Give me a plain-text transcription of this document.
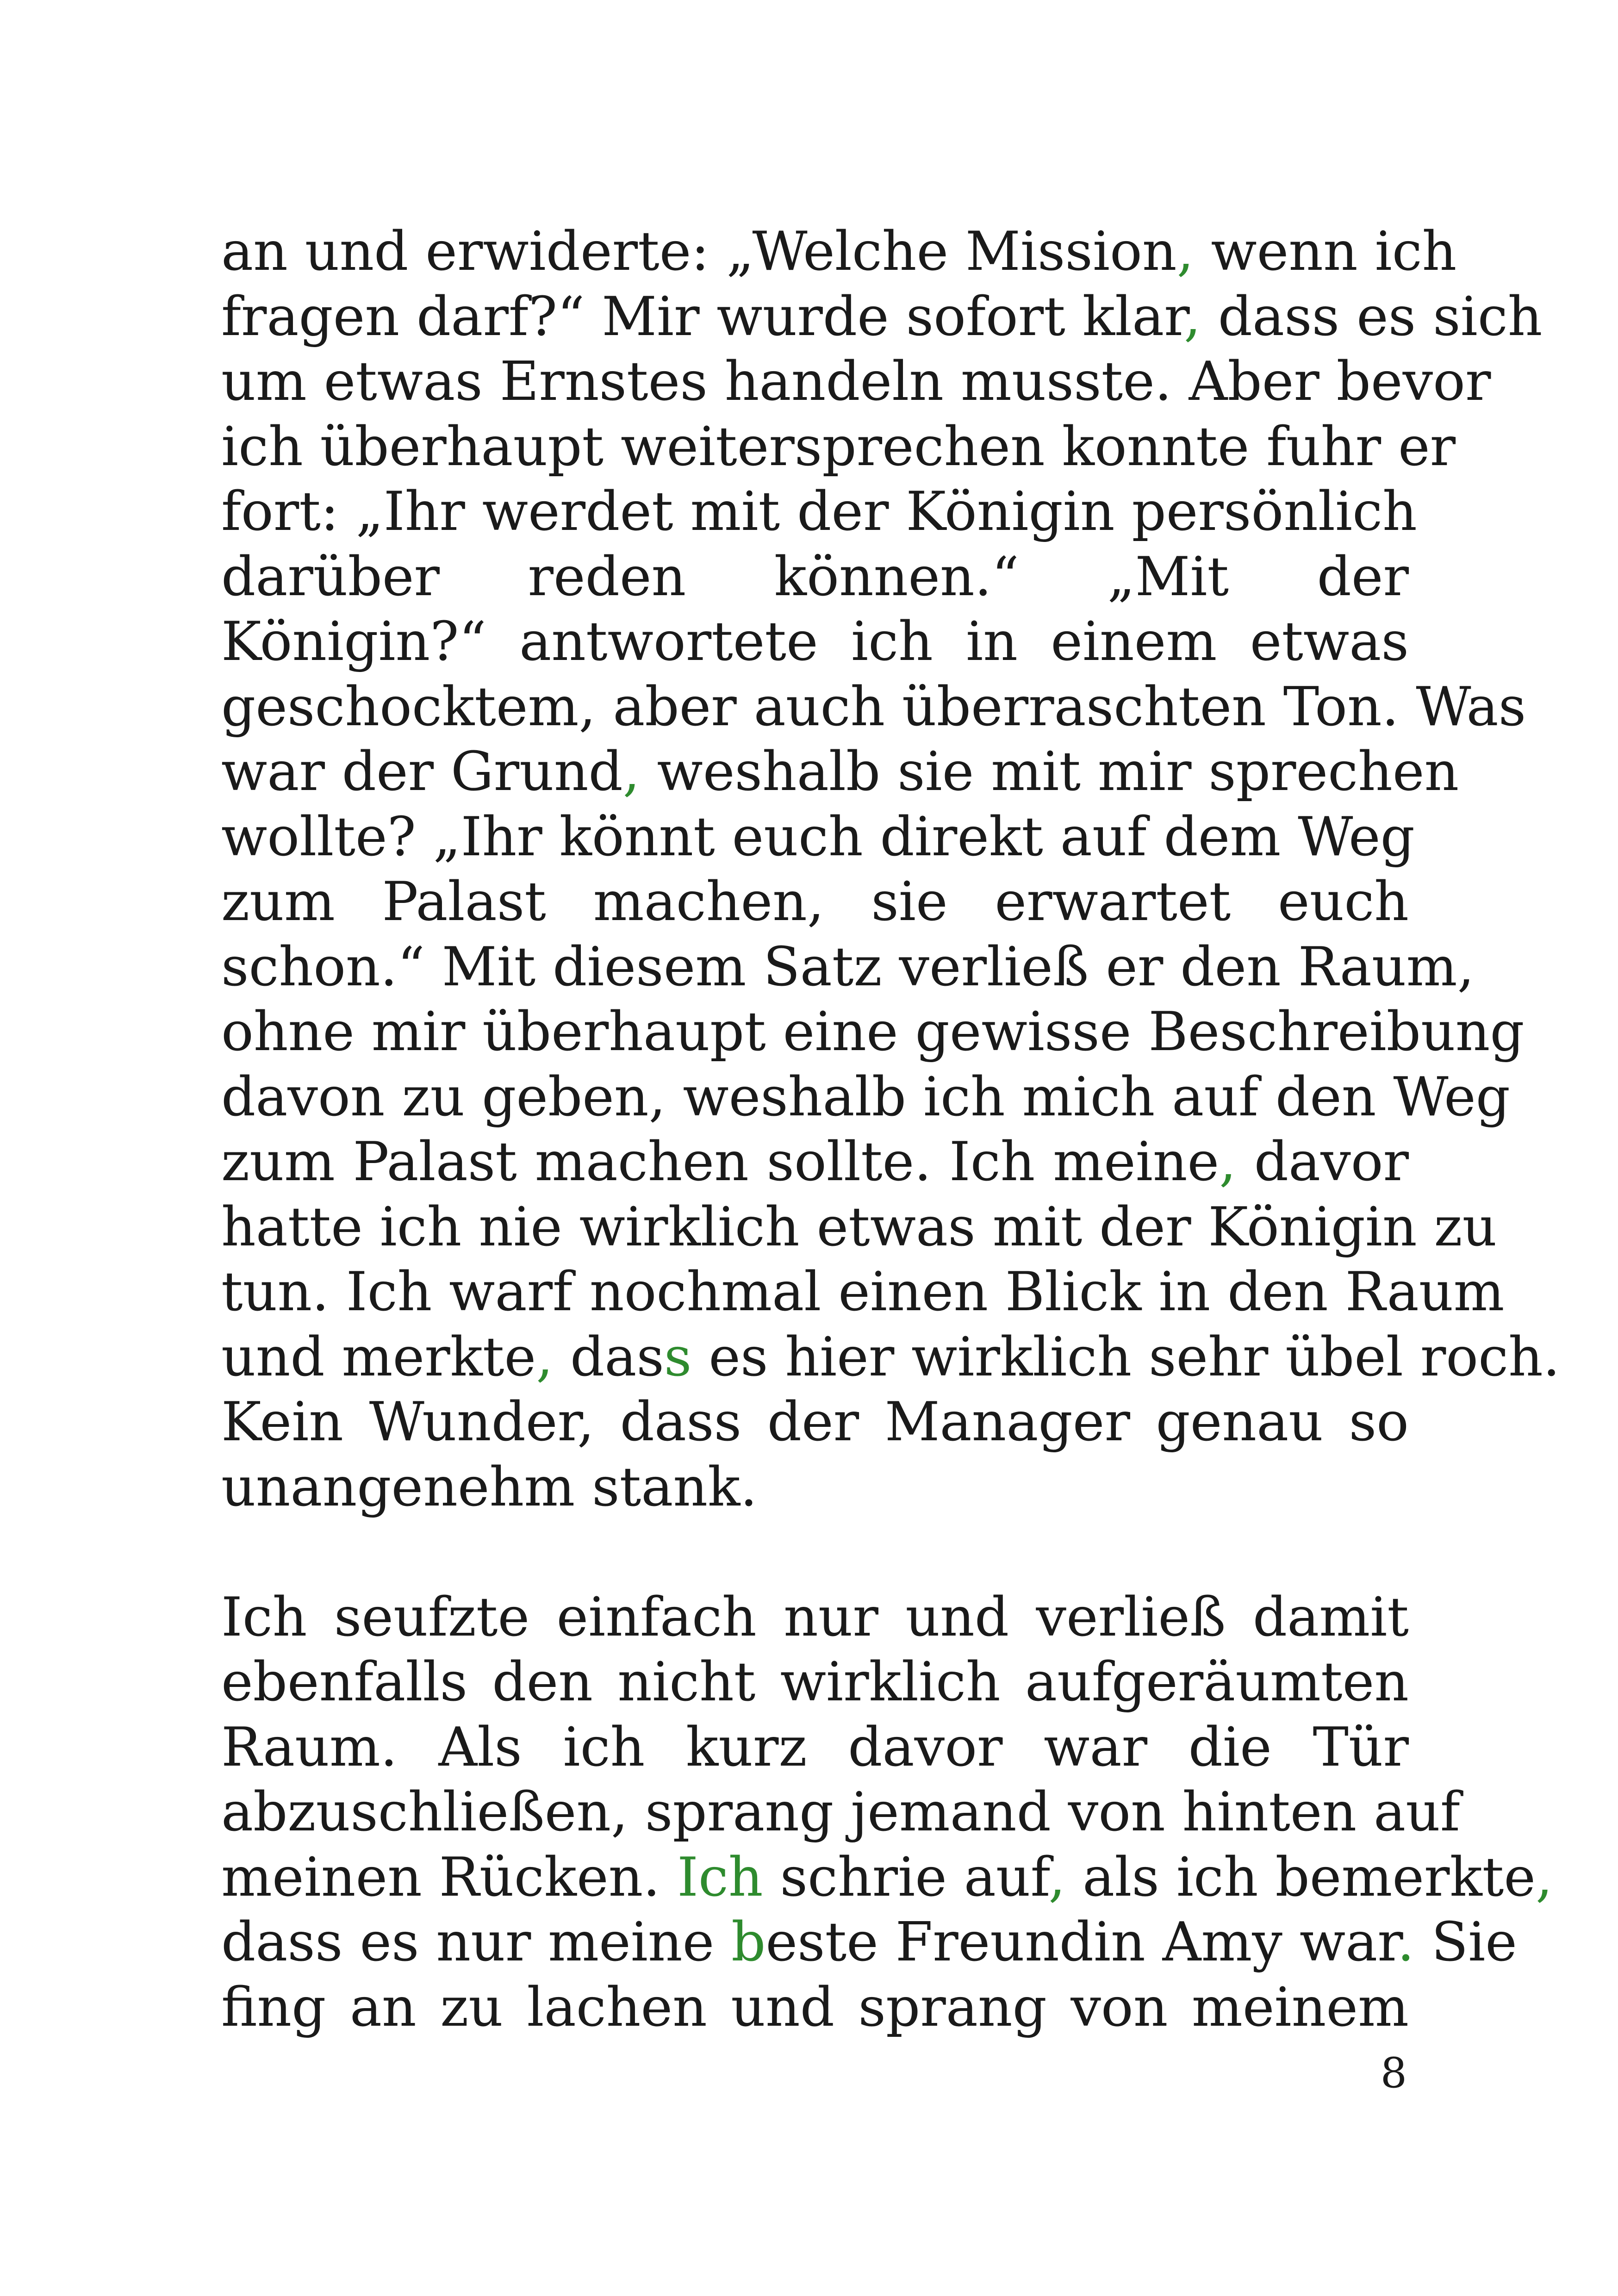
an und erwiderte: „Welche Mission, wenn ich
fragen darf?“ Mir wurde sofort klar, dass es sich
um etwas Ernstes handeln musste. Aber bevor
ich überhaupt weitersprechen konnte fuhr er
fort: „Ihr werdet mit der Königin persönlich
darüber reden können.“ „Mit der
Königin?“ antwortete ich in einem etwas
geschocktem, aber auch überraschten Ton. Was
war der Grund, weshalb sie mit mir sprechen
wollte? „Ihr könnt euch direkt auf dem Weg
zum Palast machen, sie erwartet euch
schon.“ Mit diesem Satz verließ er den Raum,
ohne mir überhaupt eine gewisse Beschreibung
davon zu geben, weshalb ich mich auf den Weg
zum Palast machen sollte. Ich meine, davor
hatte ich nie wirklich etwas mit der Königin zu
tun. Ich warf nochmal einen Blick in den Raum
und merkte, dass es hier wirklich sehr übel roch.
Kein Wunder, dass der Manager genau so
unangenehm stank.
Ich seufzte einfach nur und verließ damit
ebenfalls den nicht wirklich aufgeräumten
Raum. Als ich kurz davor war die Tür
abzuschließen, sprang jemand von hinten auf
meinen Rücken. Ich schrie auf, als ich bemerkte,
dass es nur meine beste Freundin Amy war. Sie
fing an zu lachen und sprang von meinem
8
